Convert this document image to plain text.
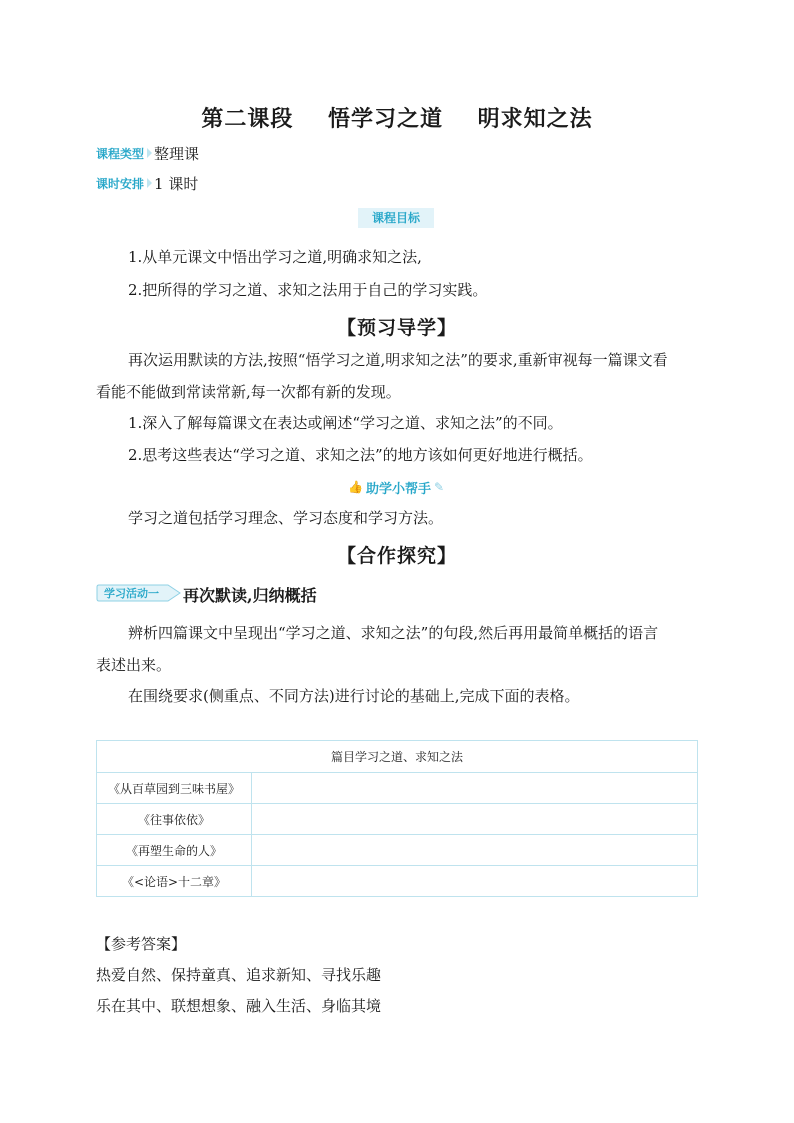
第二课段    悟学习之道    明求知之法
课程类型 整理课
课时安排 1 课时
课程目标
1.从单元课文中悟出学习之道,明确求知之法,
2.把所得的学习之道、求知之法用于自己的学习实践。
【预习导学】
再次运用默读的方法,按照“悟学习之道,明求知之法”的要求,重新审视每一篇课文看
看能不能做到常读常新,每一次都有新的发现。
1.深入了解每篇课文在表达或阐述“学习之道、求知之法”的不同。
2.思考这些表达“学习之道、求知之法”的地方该如何更好地进行概括。
👍 助学小帮手 ✎
学习之道包括学习理念、学习态度和学习方法。
【合作探究】
学习活动一 再次默读,归纳概括
辨析四篇课文中呈现出“学习之道、求知之法”的句段,然后再用最简单概括的语言
表述出来。
在围绕要求(侧重点、不同方法)进行讨论的基础上,完成下面的表格。
篇目学习之道、求知之法	
《从百草园到三味书屋》	
《往事依依》	
《再塑生命的人》	
《<论语>十二章》	
【参考答案】
热爱自然、保持童真、追求新知、寻找乐趣
乐在其中、联想想象、融入生活、身临其境
